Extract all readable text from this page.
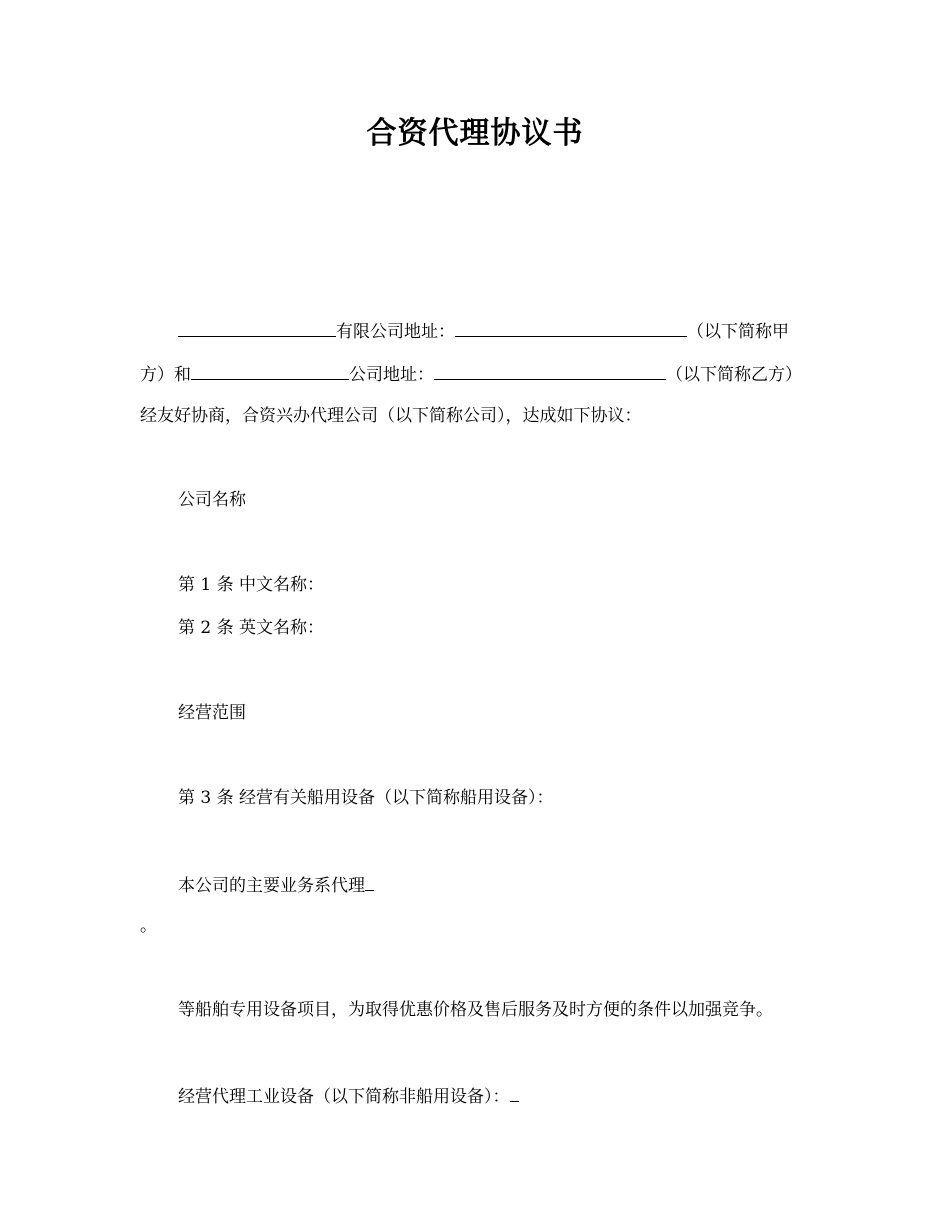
合资代理协议书
有限公司地址：	（以下简称甲
方）和	公司地址：	（以下简称乙方）
经友好协商，合资兴办代理公司（以下简称公司），达成如下协议：
公司名称
第 1 条 中文名称：
第 2 条 英文名称：
经营范围
第 3 条 经营有关船用设备（以下简称船用设备）：
本公司的主要业务系代理
。
等船舶专用设备项目，为取得优惠价格及售后服务及时方便的条件以加强竞争。
经营代理工业设备（以下简称非船用设备）：
